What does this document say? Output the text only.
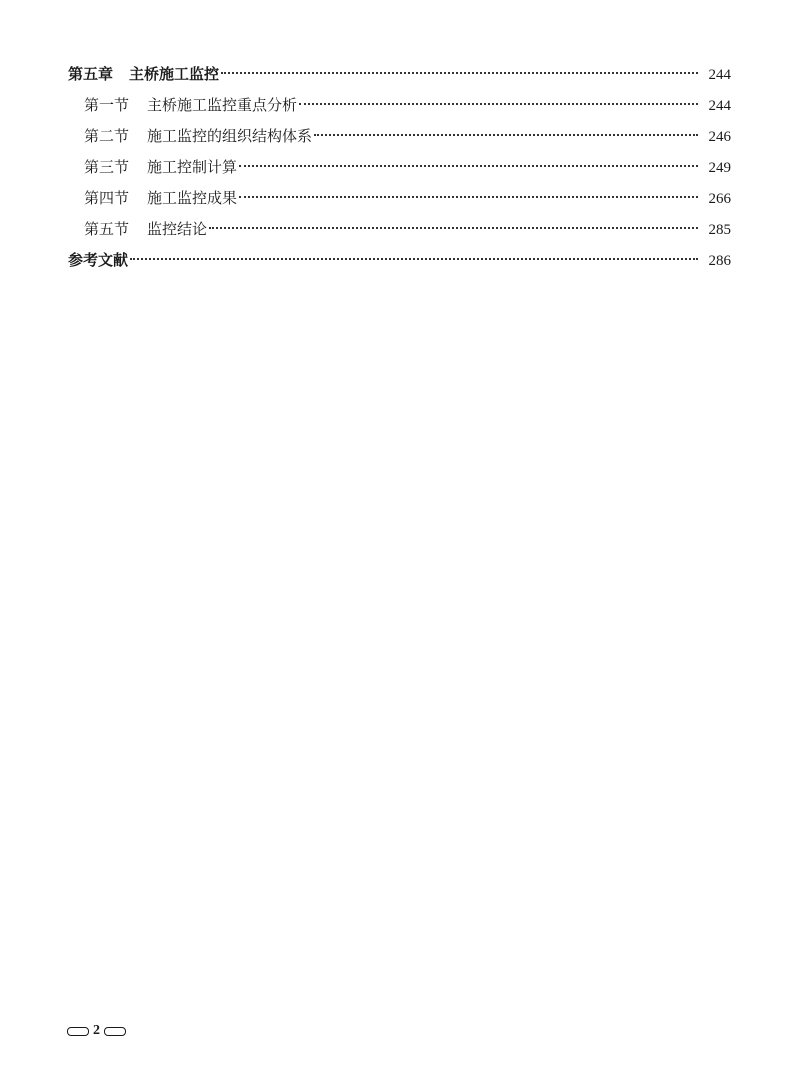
第五章 主桥施工监控	244
第一节 主桥施工监控重点分析	244
第二节 施工监控的组织结构体系	246
第三节 施工控制计算	249
第四节 施工监控成果	266
第五节 监控结论	285
参考文献	286
2
